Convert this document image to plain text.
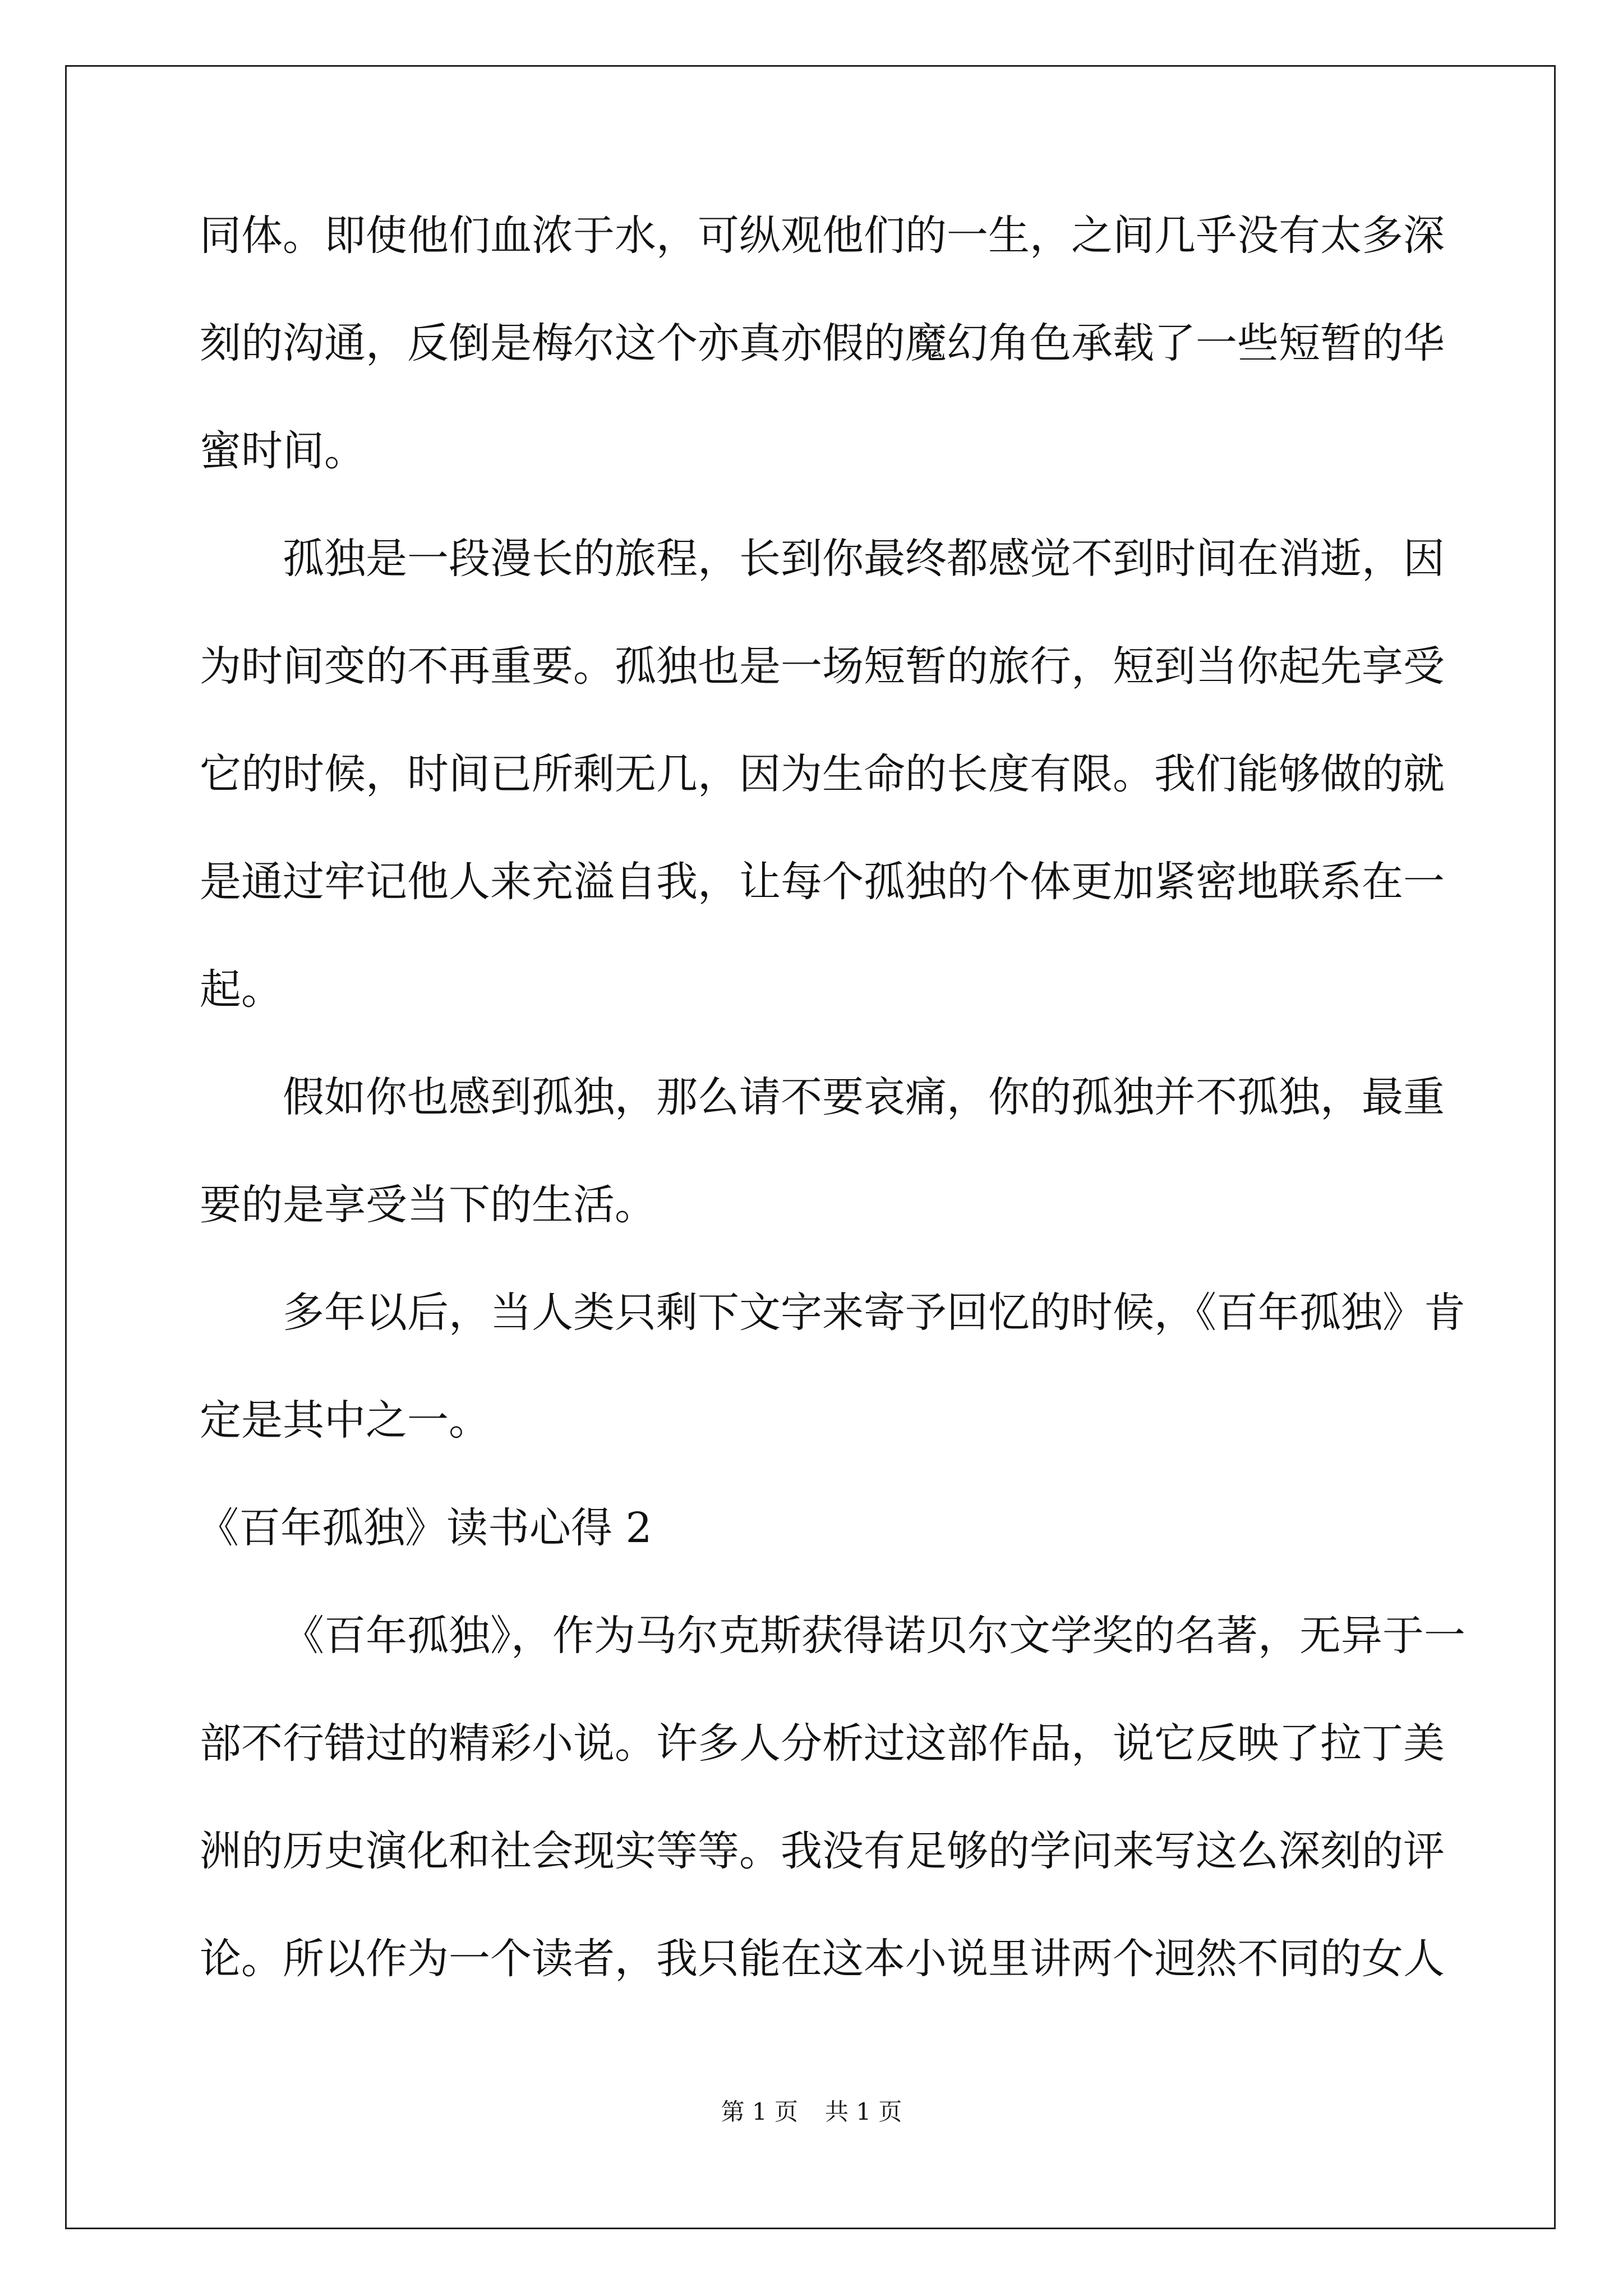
同体。即使他们血浓于水，可纵观他们的一生，之间几乎没有太多深
刻的沟通，反倒是梅尔这个亦真亦假的魔幻角色承载了一些短暂的华
蜜时间。
孤独是一段漫长的旅程，长到你最终都感觉不到时间在消逝，因
为时间变的不再重要。孤独也是一场短暂的旅行，短到当你起先享受
它的时候，时间已所剩无几，因为生命的长度有限。我们能够做的就
是通过牢记他人来充溢自我，让每个孤独的个体更加紧密地联系在一
起。
假如你也感到孤独，那么请不要哀痛，你的孤独并不孤独，最重
要的是享受当下的生活。
多年以后，当人类只剩下文字来寄予回忆的时候，《百年孤独》肯
定是其中之一。
《百年孤独》读书心得 2
《百年孤独》，作为马尔克斯获得诺贝尔文学奖的名著，无异于一
部不行错过的精彩小说。许多人分析过这部作品，说它反映了拉丁美
洲的历史演化和社会现实等等。我没有足够的学问来写这么深刻的评
论。所以作为一个读者，我只能在这本小说里讲两个迥然不同的女人
第 1 页 共 1 页
